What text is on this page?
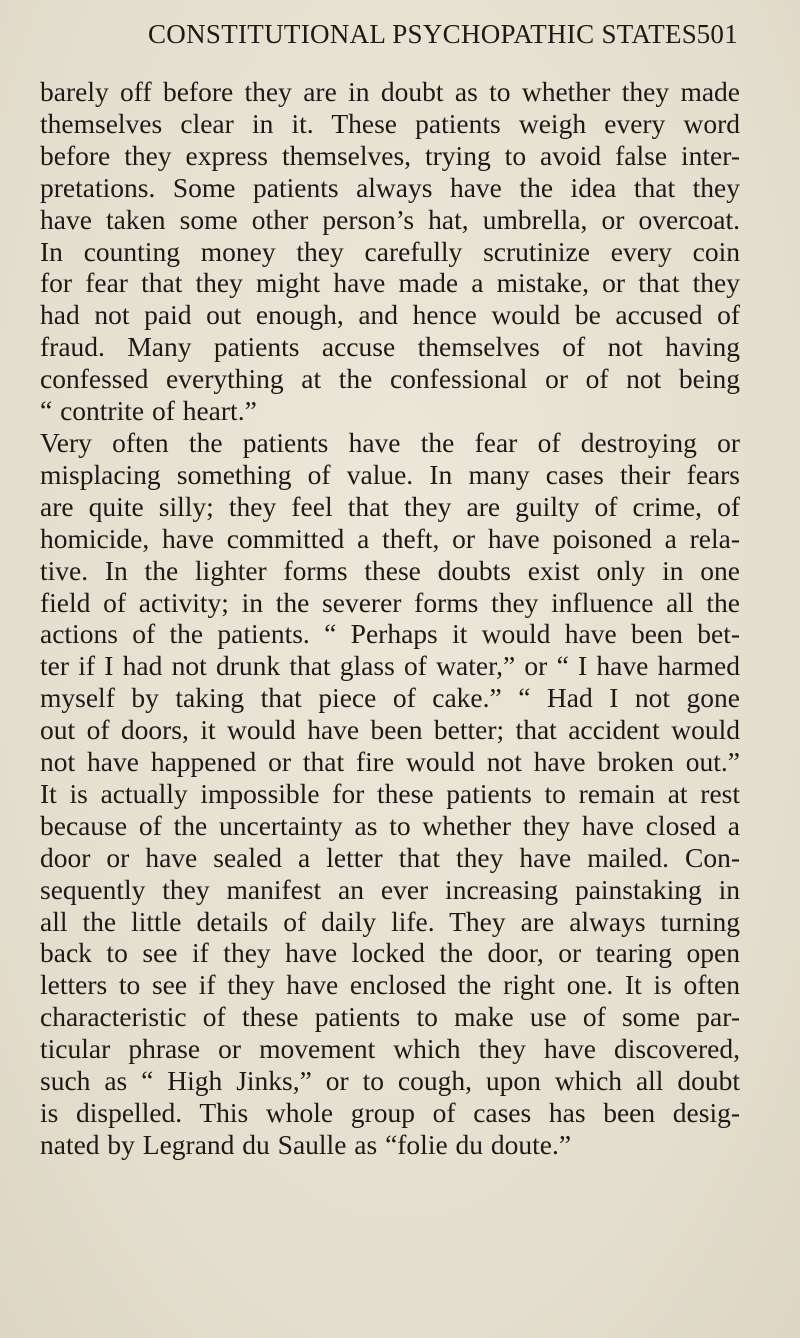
CONSTITUTIONAL PSYCHOPATHIC STATES 501
barely off before they are in doubt as to whether they made
themselves clear in it. These patients weigh every word
before they express themselves, trying to avoid false inter-
pretations. Some patients always have the idea that they
have taken some other person’s hat, umbrella, or overcoat.
In counting money they carefully scrutinize every coin
for fear that they might have made a mistake, or that they
had not paid out enough, and hence would be accused of
fraud. Many patients accuse themselves of not having
confessed everything at the confessional or of not being
“ contrite of heart.”
Very often the patients have the fear of destroying or
misplacing something of value. In many cases their fears
are quite silly; they feel that they are guilty of crime, of
homicide, have committed a theft, or have poisoned a rela-
tive. In the lighter forms these doubts exist only in one
field of activity; in the severer forms they influence all the
actions of the patients. “ Perhaps it would have been bet-
ter if I had not drunk that glass of water,” or “ I have harmed
myself by taking that piece of cake.” “ Had I not gone
out of doors, it would have been better; that accident would
not have happened or that fire would not have broken out.”
It is actually impossible for these patients to remain at rest
because of the uncertainty as to whether they have closed a
door or have sealed a letter that they have mailed. Con-
sequently they manifest an ever increasing painstaking in
all the little details of daily life. They are always turning
back to see if they have locked the door, or tearing open
letters to see if they have enclosed the right one. It is often
characteristic of these patients to make use of some par-
ticular phrase or movement which they have discovered,
such as “ High Jinks,” or to cough, upon which all doubt
is dispelled. This whole group of cases has been desig-
nated by Legrand du Saulle as “folie du doute.”
